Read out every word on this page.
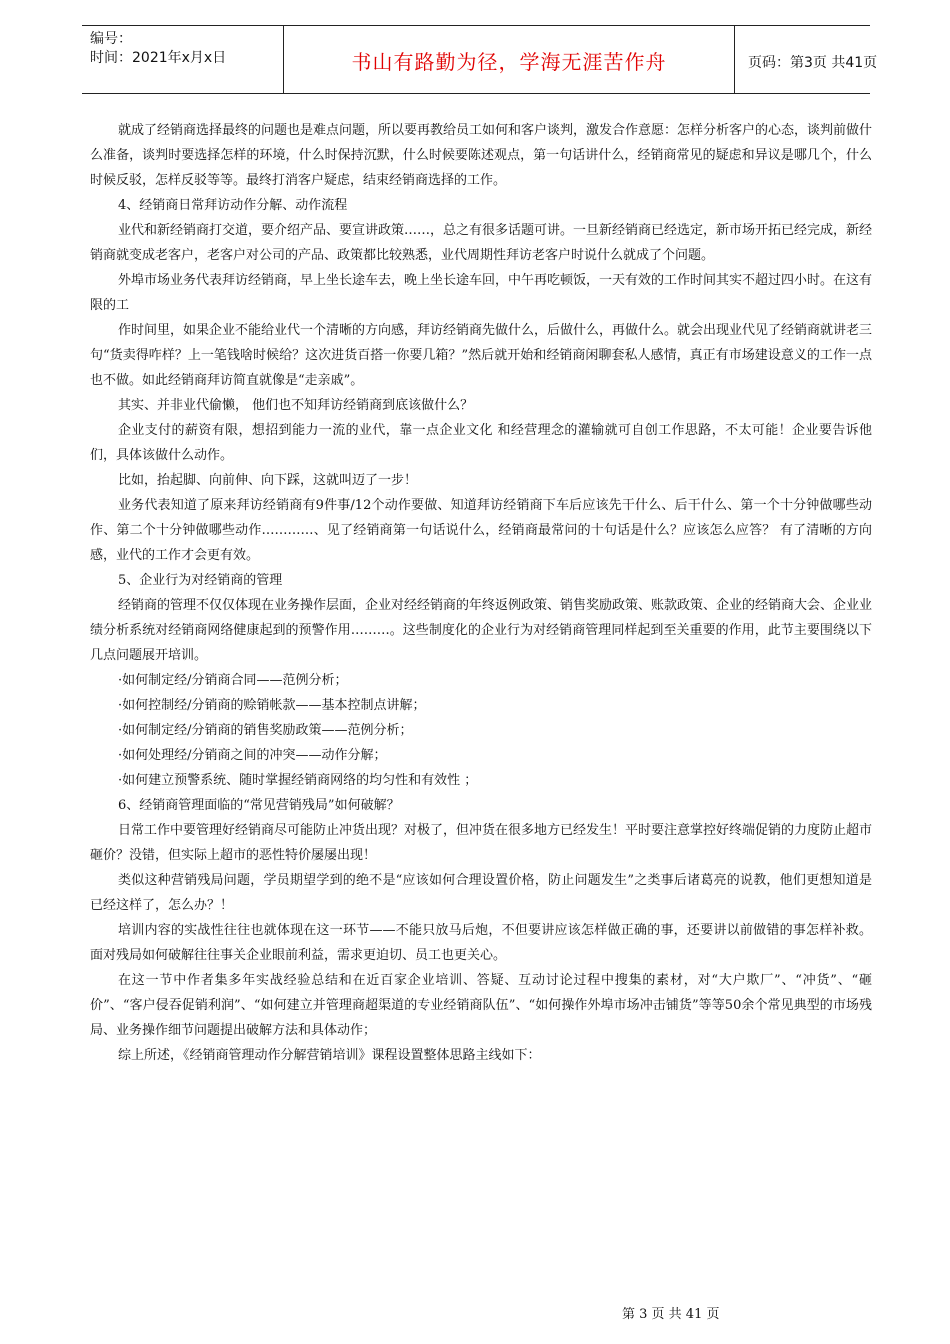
编号：
时间：2021年x月x日	书山有路勤为径，学海无涯苦作舟	页码：第3页 共41页

就成了经销商选择最终的问题也是难点问题，所以要再教给员工如何和客户谈判，激发合作意愿：怎样分析客户的心态，谈判前做什么准备，谈判时要选择怎样的环境，什么时保持沉默，什么时候要陈述观点，第一句话讲什么，经销商常见的疑虑和异议是哪几个，什么时候反驳，怎样反驳等等。最终打消客户疑虑，结束经销商选择的工作。

4、经销商日常拜访动作分解、动作流程

业代和新经销商打交道，要介绍产品、要宣讲政策……，总之有很多话题可讲。一旦新经销商已经选定，新市场开拓已经完成，新经销商就变成老客户，老客户对公司的产品、政策都比较熟悉，业代周期性拜访老客户时说什么就成了个问题。

外埠市场业务代表拜访经销商，早上坐长途车去，晚上坐长途车回，中午再吃顿饭，一天有效的工作时间其实不超过四小时。在这有限的工

作时间里，如果企业不能给业代一个清晰的方向感，拜访经销商先做什么，后做什么，再做什么。就会出现业代见了经销商就讲老三句“货卖得咋样？上一笔钱啥时候给？这次进货百搭一你要几箱？”然后就开始和经销商闲聊套私人感情，真正有市场建设意义的工作一点也不做。如此经销商拜访简直就像是“走亲戚”。

其实、并非业代偷懒， 他们也不知拜访经销商到底该做什么？

企业支付的薪资有限，想招到能力一流的业代，靠一点企业文化 和经营理念的灌输就可自创工作思路，不太可能！企业要告诉他们，具体该做什么动作。

比如，抬起脚、向前伸、向下踩，这就叫迈了一步！

业务代表知道了原来拜访经销商有9件事/12个动作要做、知道拜访经销商下车后应该先干什么、后干什么、第一个十分钟做哪些动作、第二个十分钟做哪些动作…………、见了经销商第一句话说什么，经销商最常问的十句话是什么？应该怎么应答？ 有了清晰的方向感，业代的工作才会更有效。

5、企业行为对经销商的管理

经销商的管理不仅仅体现在业务操作层面，企业对经经销商的年终返例政策、销售奖励政策、账款政策、企业的经销商大会、企业业绩分析系统对经销商网络健康起到的预警作用………。这些制度化的企业行为对经销商管理同样起到至关重要的作用，此节主要围绕以下几点问题展开培训。

·如何制定经/分销商合同——范例分析；

·如何控制经/分销商的赊销帐款——基本控制点讲解；

·如何制定经/分销商的销售奖励政策——范例分析；

·如何处理经/分销商之间的冲突——动作分解；

·如何建立预警系统、随时掌握经销商网络的均匀性和有效性 ；

6、经销商管理面临的“常见营销残局”如何破解？

日常工作中要管理好经销商尽可能防止冲货出现？对极了，但冲货在很多地方已经发生！平时要注意掌控好终端促销的力度防止超市砸价？没错，但实际上超市的恶性特价屡屡出现！

类似这种营销残局问题，学员期望学到的绝不是“应该如何合理设置价格，防止问题发生”之类事后诸葛亮的说教，他们更想知道是已经这样了，怎么办？！

培训内容的实战性往往也就体现在这一环节——不能只放马后炮，不但要讲应该怎样做正确的事，还要讲以前做错的事怎样补救。 面对残局如何破解往往事关企业眼前利益，需求更迫切、员工也更关心。

在这一节中作者集多年实战经验总结和在近百家企业培训、答疑、互动讨论过程中搜集的素材，对“大户欺厂”、“冲货”、“砸价”、“客户侵吞促销利润”、“如何建立并管理商超渠道的专业经销商队伍”、“如何操作外埠市场冲击铺货”等等50余个常见典型的市场残局、业务操作细节问题提出破解方法和具体动作；

综上所述，《经销商管理动作分解营销培训》课程设置整体思路主线如下：

第 3 页 共 41 页
